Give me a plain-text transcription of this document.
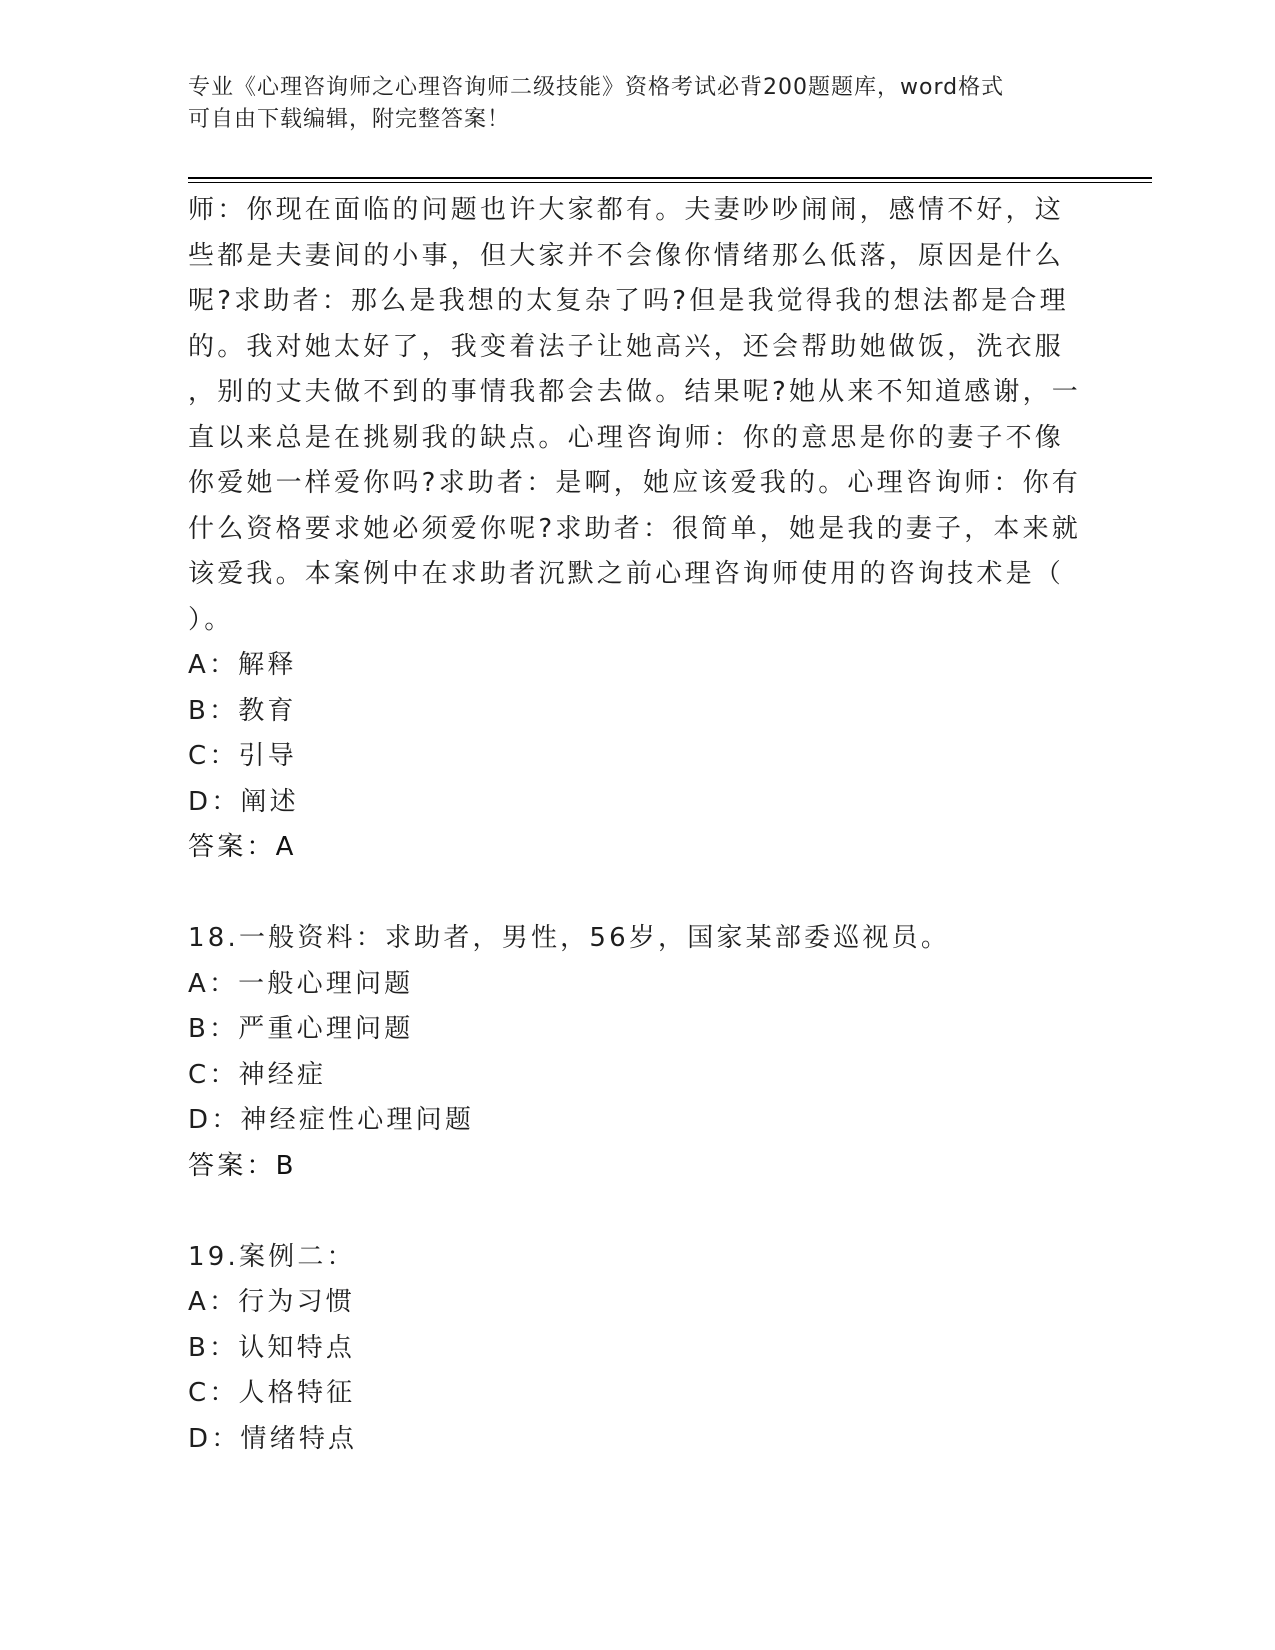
专业《心理咨询师之心理咨询师二级技能》资格考试必背200题题库，word格式
可自由下载编辑，附完整答案！

师：你现在面临的问题也许大家都有。夫妻吵吵闹闹，感情不好，这

些都是夫妻间的小事，但大家并不会像你情绪那么低落，原因是什么

呢?求助者：那么是我想的太复杂了吗?但是我觉得我的想法都是合理

的。我对她太好了，我变着法子让她高兴，还会帮助她做饭，洗衣服

，别的丈夫做不到的事情我都会去做。结果呢?她从来不知道感谢，一

直以来总是在挑剔我的缺点。心理咨询师：你的意思是你的妻子不像

你爱她一样爱你吗?求助者：是啊，她应该爱我的。心理咨询师：你有

什么资格要求她必须爱你呢?求助者：很简单，她是我的妻子，本来就

该爱我。本案例中在求助者沉默之前心理咨询师使用的咨询技术是（

）。

A：解释

B：教育

C：引导

D：阐述

答案：A

18.一般资料：求助者，男性，56岁，国家某部委巡视员。

A：一般心理问题

B：严重心理问题

C：神经症

D：神经症性心理问题

答案：B

19.案例二：

A：行为习惯

B：认知特点

C：人格特征

D：情绪特点
